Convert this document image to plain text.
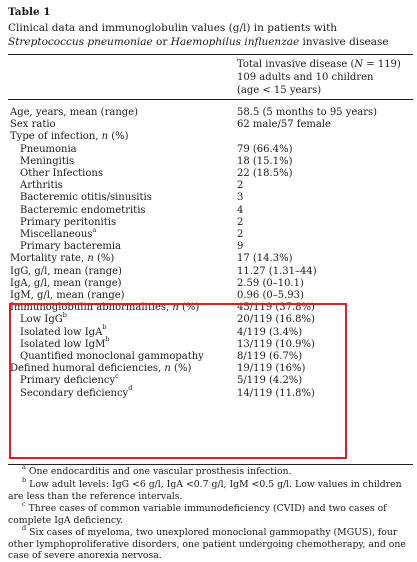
Table 1
Clinical data and immunoglobulin values (g/l) in patients with Streptococcus pneumoniae or Haemophilus influenzae invasive disease
Total invasive disease (N = 119)
109 adults and 10 children
(age < 15 years)
Age, years, mean (range)	58.5 (5 months to 95 years)
Sex ratio	62 male/57 female
Type of infection, n (%)
Pneumonia	79 (66.4%)
Meningitis	18 (15.1%)
Other Infections	22 (18.5%)
Arthritis	2
Bacteremic otitis/sinusitis	3
Bacteremic endometritis	4
Primary peritonitis	2
Miscellaneous$^a$	2
Primary bacteremia	9
Mortality rate, n (%)	17 (14.3%)
IgG, g/l, mean (range)	11.27 (1.31–44)
IgA, g/l, mean (range)	2.59 (0–10.1)
IgM, g/l, mean (range)	0.96 (0–5.93)
Immunoglobulin abnormalities, n (%)	45/119 (37.8%)
Low IgG$^b$	20/119 (16.8%)
Isolated low IgA$^b$	4/119 (3.4%)
Isolated low IgM$^b$	13/119 (10.9%)
Quantified monoclonal gammopathy	8/119 (6.7%)
Defined humoral deficiencies, n (%)	19/119 (16%)
Primary deficiency$^c$	5/119 (4.2%)
Secondary deficiency$^d$	14/119 (11.8%)
$^a$ One endocarditis and one vascular prosthesis infection.
$^b$ Low adult levels: IgG <6 g/l, IgA <0.7 g/l, IgM <0.5 g/l. Low values in children are less than the reference intervals.
$^c$ Three cases of common variable immunodeficiency (CVID) and two cases of complete IgA deficiency.
$^d$ Six cases of myeloma, two unexplored monoclonal gammopathy (MGUS), four other lymphoproliferative disorders, one patient undergoing chemotherapy, and one case of severe anorexia nervosa.
